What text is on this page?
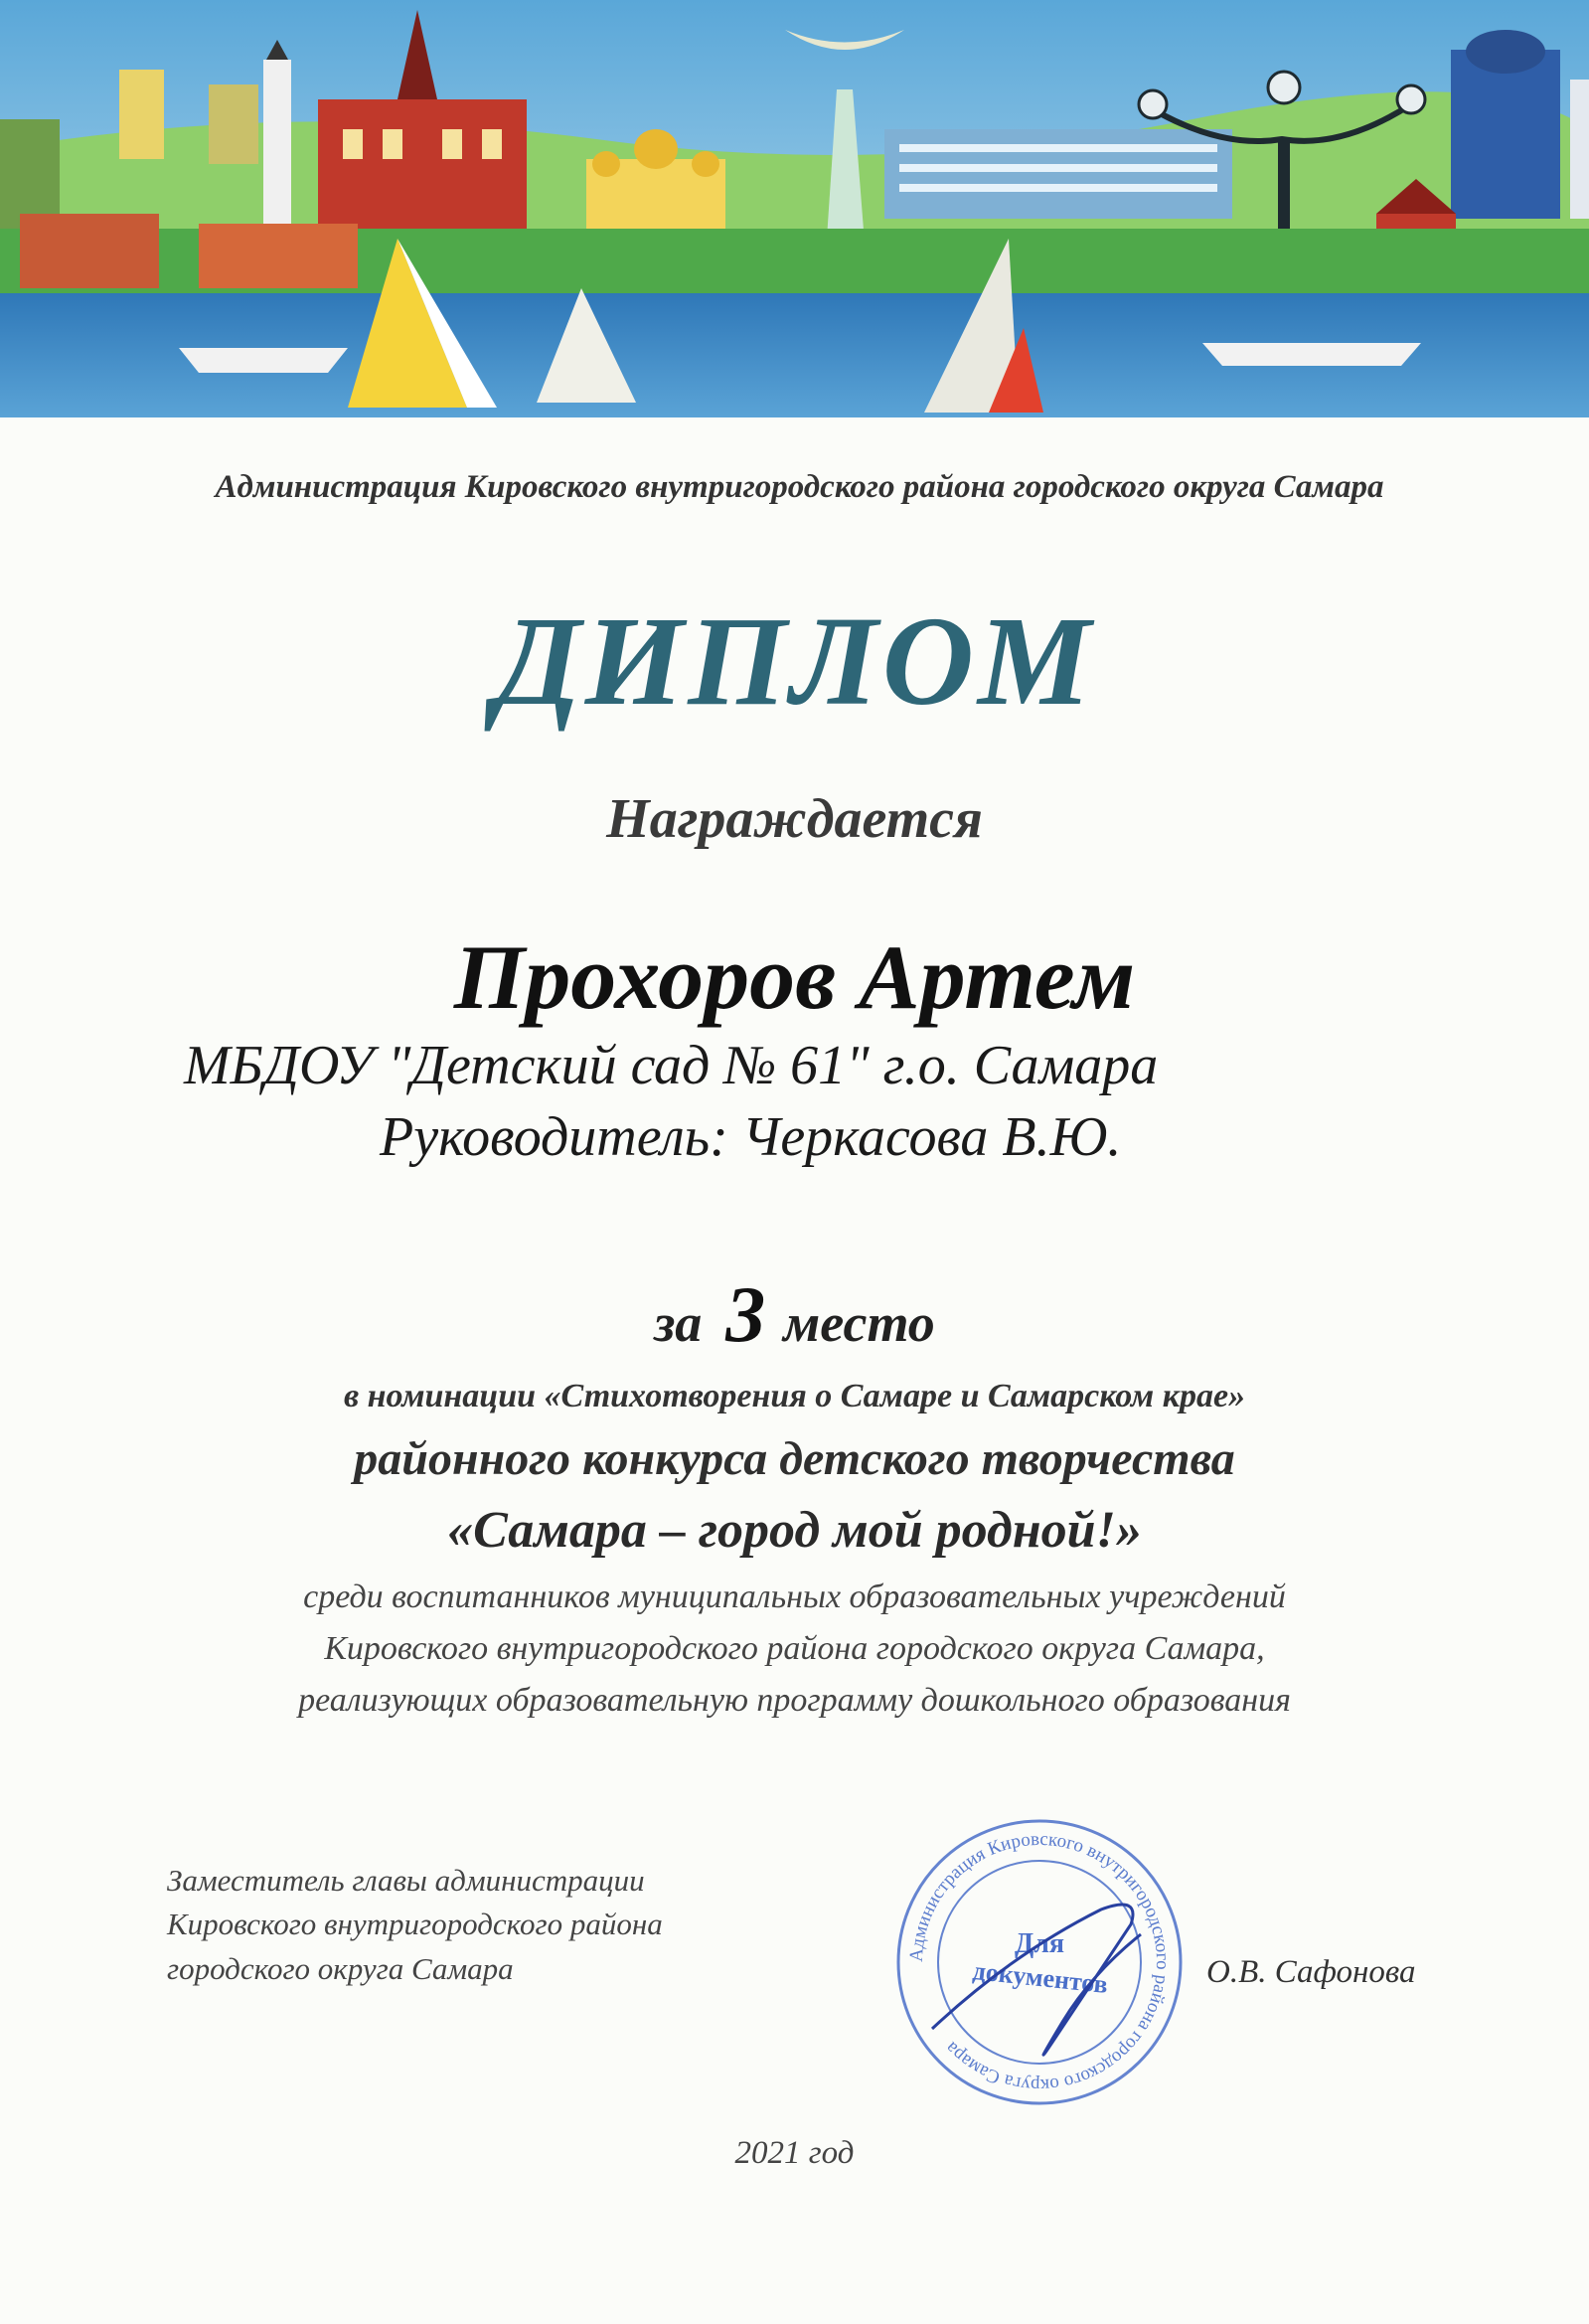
Администрация Кировского внутригородского района городского округа Самара
ДИПЛОМ
Награждается
Прохоров Артем
МБДОУ "Детский сад № 61" г.о. Самара
Руководитель: Черкасова В.Ю.
за 3 место
в номинации «Стихотворения о Самаре и Самарском крае»
районного конкурса детского творчества
«Самара – город мой родной!»
среди воспитанников муниципальных образовательных учреждений
Кировского внутригородского района городского округа Самара,
реализующих образовательную программу дошкольного образования
Заместитель главы администрации
Кировского внутригородского района
городского округа Самара	Администрация Кировского внутригородского района городского округа Самара
Для
документов	О.В. Сафонова
2021 год
